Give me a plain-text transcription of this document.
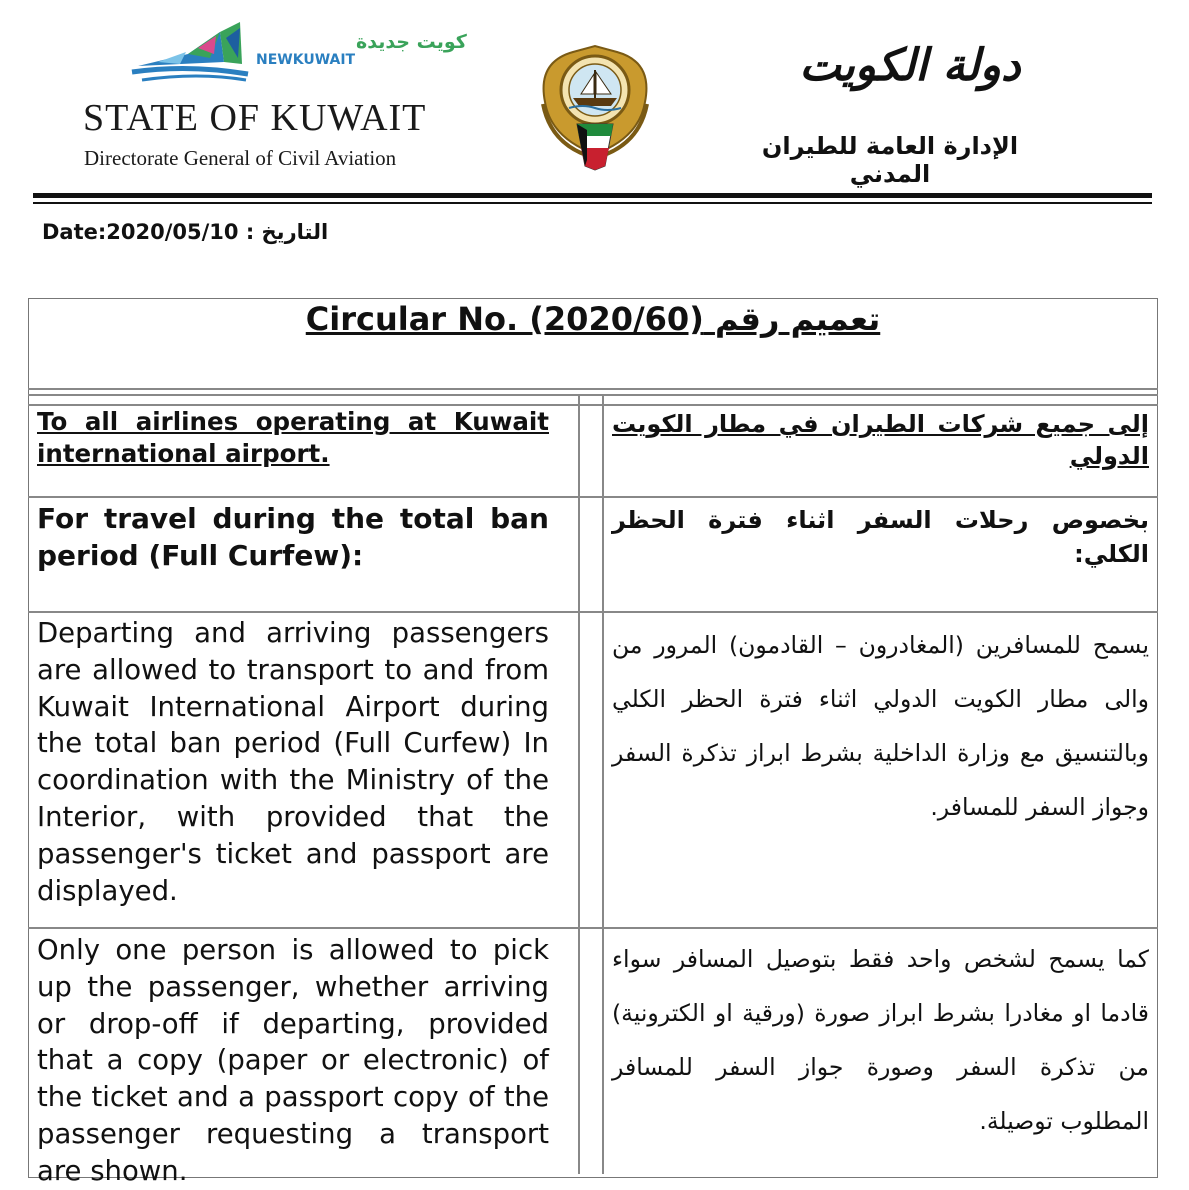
كويت جديدة
NEWKUWAIT
STATE OF KUWAIT
Directorate General of Civil Aviation
دولة الكويت
الإدارة العامة للطيران المدني
Date:2020/05/10 : التاريخ
Circular No. (2020/60) تعميم رقم
To all airlines operating at Kuwait international airport.
إلى جميع شركات الطيران في مطار الكويت الدولي
For travel during the total ban period (Full Curfew):
بخصوص رحلات السفر اثناء فترة الحظر الكلي:
Departing and arriving passengers are allowed to transport to and from Kuwait International Airport during the total ban period (Full Curfew) In coordination with the Ministry of the Interior, with provided that the passenger's ticket and passport are displayed.
يسمح للمسافرين (المغادرون – القادمون) المرور من والى مطار الكويت الدولي اثناء فترة الحظر الكلي وبالتنسيق مع وزارة الداخلية بشرط ابراز تذكرة السفر وجواز السفر للمسافر.
Only one person is allowed to pick up the passenger, whether arriving or drop-off if departing, provided that a copy (paper or electronic) of the ticket and a passport copy of the passenger requesting a transport are shown.
كما يسمح لشخص واحد فقط بتوصيل المسافر سواء قادما او مغادرا بشرط ابراز صورة (ورقية او الكترونية) من تذكرة السفر وصورة جواز السفر للمسافر المطلوب توصيلة.
